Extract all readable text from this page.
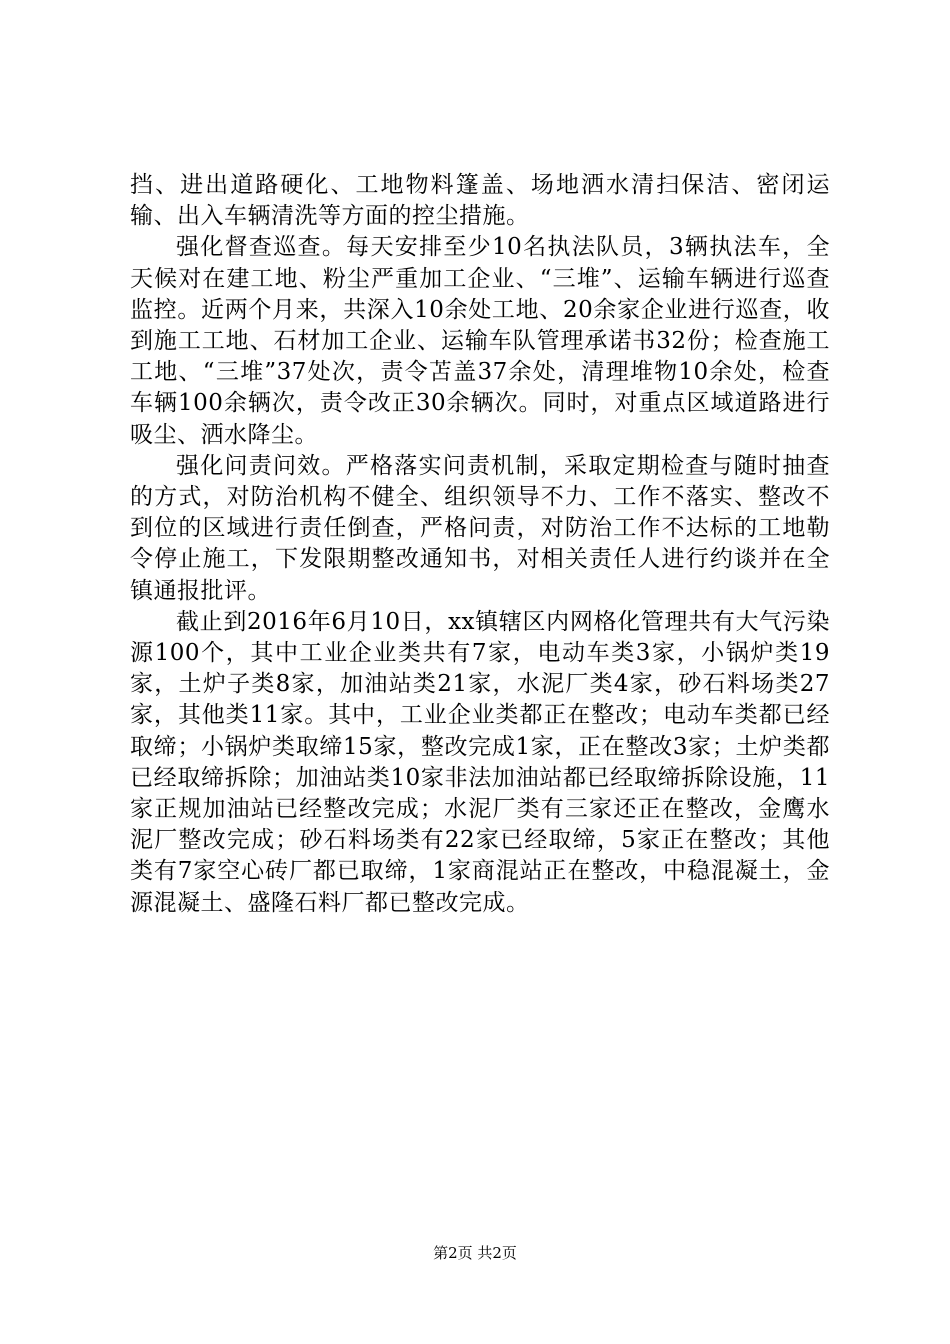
挡、进出道路硬化、工地物料篷盖、场地洒水清扫保洁、密闭运输、出入车辆清洗等方面的控尘措施。

强化督查巡查。每天安排至少10名执法队员，3辆执法车，全天候对在建工地、粉尘严重加工企业、“三堆”、运输车辆进行巡查监控。近两个月来，共深入10余处工地、20余家企业进行巡查，收到施工工地、石材加工企业、运输车队管理承诺书32份；检查施工工地、“三堆”37处次，责令苫盖37余处，清理堆物10余处，检查车辆100余辆次，责令改正30余辆次。同时，对重点区域道路进行吸尘、洒水降尘。

强化问责问效。严格落实问责机制，采取定期检查与随时抽查的方式，对防治机构不健全、组织领导不力、工作不落实、整改不到位的区域进行责任倒查，严格问责，对防治工作不达标的工地勒令停止施工，下发限期整改通知书，对相关责任人进行约谈并在全镇通报批评。

截止到2016年6月10日，xx镇辖区内网格化管理共有大气污染源100个，其中工业企业类共有7家，电动车类3家，小锅炉类19家，土炉子类8家，加油站类21家，水泥厂类4家，砂石料场类27家，其他类11家。其中，工业企业类都正在整改；电动车类都已经取缔；小锅炉类取缔15家，整改完成1家，正在整改3家；土炉类都已经取缔拆除；加油站类10家非法加油站都已经取缔拆除设施，11家正规加油站已经整改完成；水泥厂类有三家还正在整改，金鹰水泥厂整改完成；砂石料场类有22家已经取缔，5家正在整改；其他类有7家空心砖厂都已取缔，1家商混站正在整改，中稳混凝土，金源混凝土、盛隆石料厂都已整改完成。

第2页 共2页
